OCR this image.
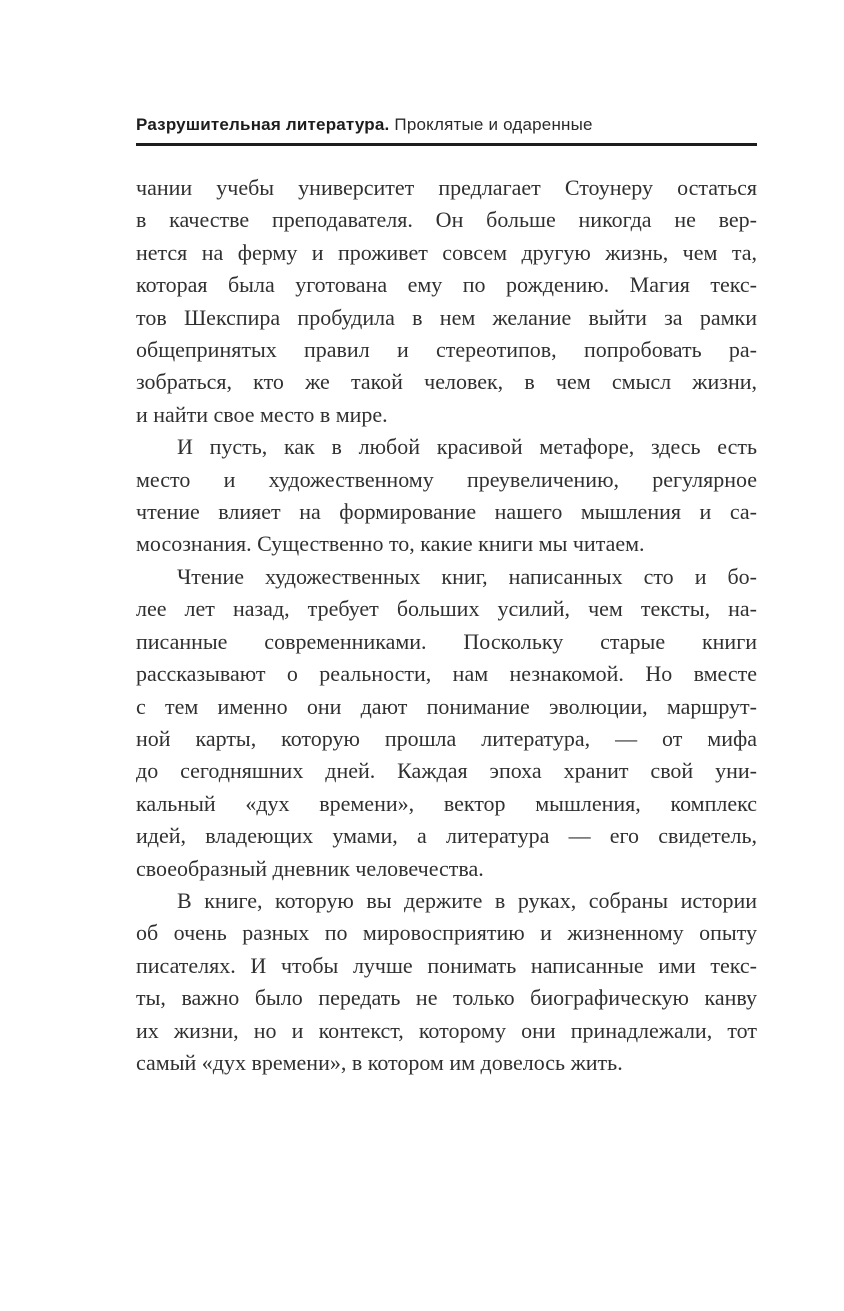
Разрушительная литература. Проклятые и одаренные
чании учебы университет предлагает Стоунеру остаться
в качестве преподавателя. Он больше никогда не вер-
нется на ферму и проживет совсем другую жизнь, чем та,
которая была уготована ему по рождению. Магия текс-
тов Шекспира пробудила в нем желание выйти за рамки
общепринятых правил и стереотипов, попробовать ра-
зобраться, кто же такой человек, в чем смысл жизни,
и найти свое место в мире.
И пусть, как в любой красивой метафоре, здесь есть
место и художественному преувеличению, регулярное
чтение влияет на формирование нашего мышления и са-
мосознания. Существенно то, какие книги мы читаем.
Чтение художественных книг, написанных сто и бо-
лее лет назад, требует больших усилий, чем тексты, на-
писанные современниками. Поскольку старые книги
рассказывают о реальности, нам незнакомой. Но вместе
с тем именно они дают понимание эволюции, маршрут-
ной карты, которую прошла литература, — от мифа
до сегодняшних дней. Каждая эпоха хранит свой уни-
кальный «дух времени», вектор мышления, комплекс
идей, владеющих умами, а литература — его свидетель,
своеобразный дневник человечества.
В книге, которую вы держите в руках, собраны истории
об очень разных по мировосприятию и жизненному опыту
писателях. И чтобы лучше понимать написанные ими текс-
ты, важно было передать не только биографическую канву
их жизни, но и контекст, которому они принадлежали, тот
самый «дух времени», в котором им довелось жить.
